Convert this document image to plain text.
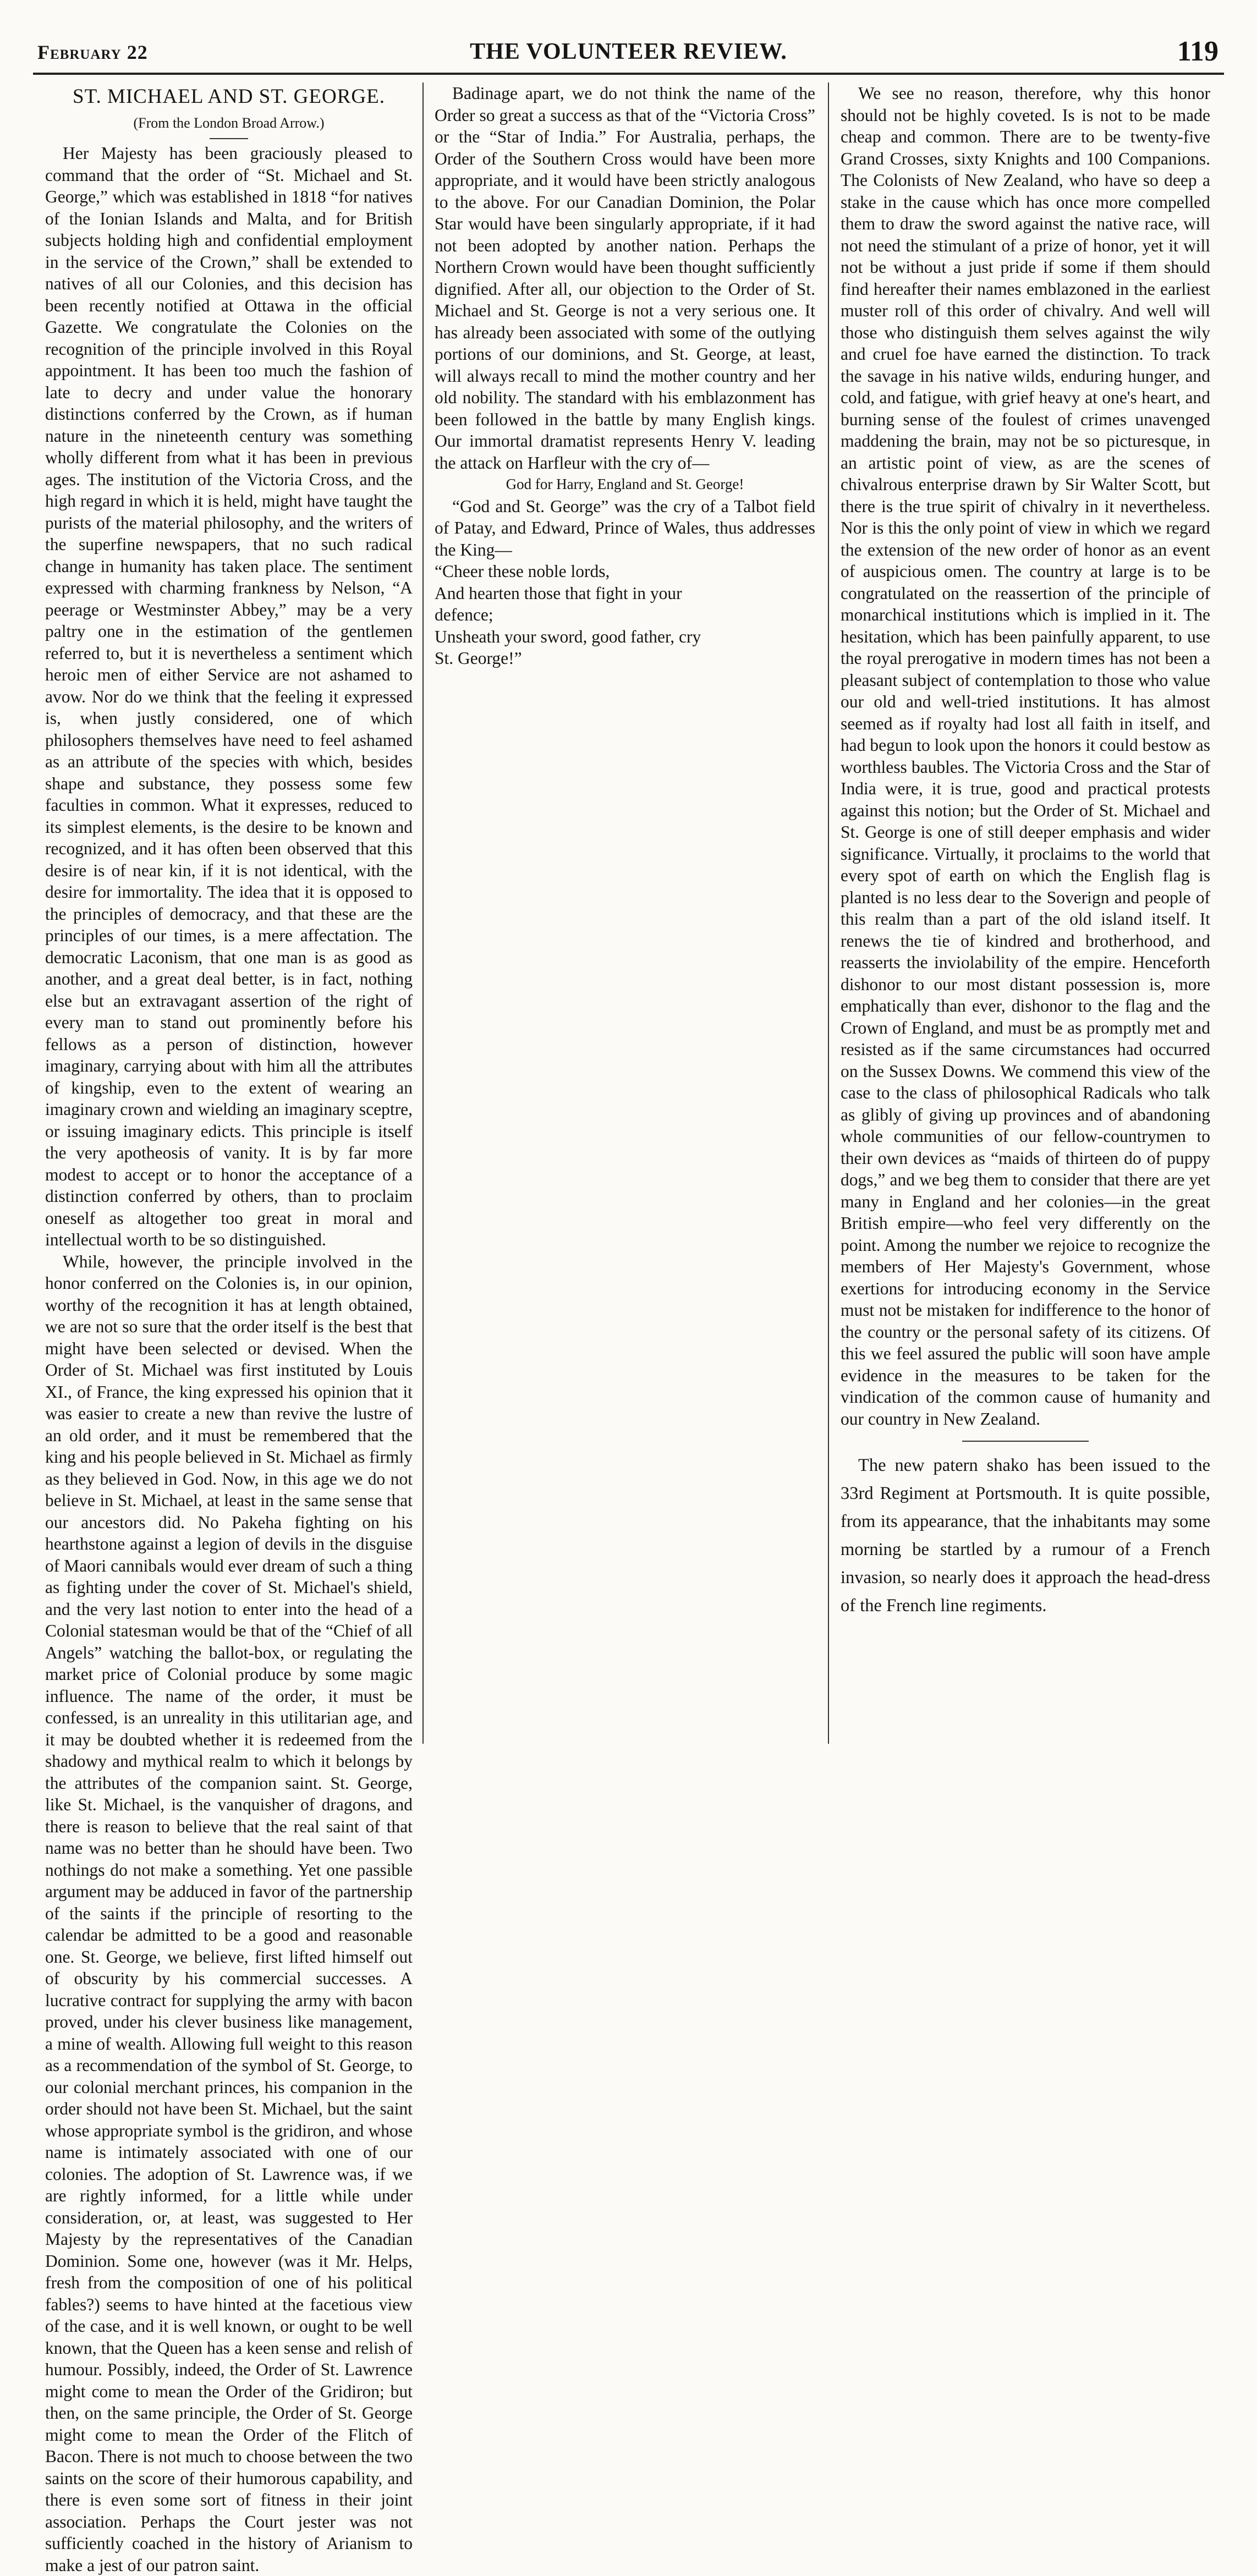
February 22	THE VOLUNTEER REVIEW.	119
ST. MICHAEL AND ST. GEORGE.
(From the London Broad Arrow.)

Her Majesty has been graciously pleased to command that the order of “St. Michael and St. George,” which was established in 1818 “for natives of the Ionian Islands and Malta, and for British subjects holding high and confidential employment in the service of the Crown,” shall be extended to natives of all our Colonies, and this decision has been recently notified at Ottawa in the official Gazette. We congratulate the Colonies on the recognition of the principle involved in this Royal appointment. It has been too much the fashion of late to decry and under value the honorary distinctions conferred by the Crown, as if human nature in the nineteenth century was something wholly different from what it has been in previous ages. The institution of the Victoria Cross, and the high regard in which it is held, might have taught the purists of the material philosophy, and the writers of the superfine newspapers, that no such radical change in humanity has taken place. The sentiment expressed with charming frankness by Nelson, “A peerage or Westminster Abbey,” may be a very paltry one in the estimation of the gentlemen referred to, but it is nevertheless a sentiment which heroic men of either Service are not ashamed to avow. Nor do we think that the feeling it expressed is, when justly considered, one of which philosophers themselves have need to feel ashamed as an attribute of the species with which, besides shape and substance, they possess some few faculties in common. What it expresses, reduced to its simplest elements, is the desire to be known and recognized, and it has often been observed that this desire is of near kin, if it is not identical, with the desire for immortality. The idea that it is opposed to the principles of democracy, and that these are the principles of our times, is a mere affectation. The democratic Laconism, that one man is as good as another, and a great deal better, is in fact, nothing else but an extravagant assertion of the right of every man to stand out prominently before his fellows as a person of distinction, however imaginary, carrying about with him all the attributes of kingship, even to the extent of wearing an imaginary crown and wielding an imaginary sceptre, or issuing imaginary edicts. This principle is itself the very apotheosis of vanity. It is by far more modest to accept or to honor the acceptance of a distinction conferred by others, than to proclaim oneself as altogether too great in moral and intellectual worth to be so distinguished.

While, however, the principle involved in the honor conferred on the Colonies is, in our opinion, worthy of the recognition it has at length obtained, we are not so sure that the order itself is the best that might have been selected or devised. When the Order of St. Michael was first instituted by Louis XI., of France, the king expressed his opinion that it was easier to create a new than revive the lustre of an old order, and it must be remembered that the king and his people believed in St. Michael as firmly as they believed in God. Now, in this age we do not believe in St. Michael, at least in the same sense that our ancestors did. No Pakeha fighting on his hearthstone against a legion of devils in the disguise of Maori cannibals would ever dream of such a thing as fighting under the cover of St. Michael's shield, and the very last notion to enter into the head of a Colonial statesman would be that of the “Chief of all Angels” watching the ballot-box, or regulating the market price of Colonial produce by some magic influence. The name of the order, it must be confessed, is an unreality in this utilitarian age, and it may be doubted whether it is redeemed from the shadowy and mythical realm to which it belongs by the attributes of the companion saint. St. George, like St. Michael, is the vanquisher of dragons, and there is reason to believe that the real saint of that name was no better than he should have been. Two nothings do not make a something. Yet one passible argument may be adduced in favor of the partnership of the saints if the principle of resorting to the calendar be admitted to be a good and reasonable one. St. George, we believe, first lifted himself out of obscurity by his commercial successes. A lucrative contract for supplying the army with bacon proved, under his clever business like management, a mine of wealth. Allowing full weight to this reason as a recommendation of the symbol of St. George, to our colonial merchant princes, his companion in the order should not have been St. Michael, but the saint whose appropriate symbol is the gridiron, and whose name is intimately associated with one of our colonies. The adoption of St. Lawrence was, if we are rightly informed, for a little while under consideration, or, at least, was suggested to Her Majesty by the representatives of the Canadian Dominion. Some one, however (was it Mr. Helps, fresh from the composition of one of his political fables?) seems to have hinted at the facetious view of the case, and it is well known, or ought to be well known, that the Queen has a keen sense and relish of humour. Possibly, indeed, the Order of St. Lawrence might come to mean the Order of the Gridiron; but then, on the same principle, the Order of St. George might come to mean the Order of the Flitch of Bacon. There is not much to choose between the two saints on the score of their humorous capability, and there is even some sort of fitness in their joint association. Perhaps the Court jester was not sufficiently coached in the history of Arianism to make a jest of our patron saint.

Badinage apart, we do not think the name of the Order so great a success as that of the “Victoria Cross” or the “Star of India.” For Australia, perhaps, the Order of the Southern Cross would have been more appropriate, and it would have been strictly analogous to the above. For our Canadian Dominion, the Polar Star would have been singularly appropriate, if it had not been adopted by another nation. Perhaps the Northern Crown would have been thought sufficiently dignified. After all, our objection to the Order of St. Michael and St. George is not a very serious one. It has already been associated with some of the outlying portions of our dominions, and St. George, at least, will always recall to mind the mother country and her old nobility. The standard with his emblazonment has been followed in the battle by many English kings. Our immortal dramatist represents Henry V. leading the attack on Harfleur with the cry of—

God for Harry, England and St. George!

“God and St. George” was the cry of a Talbot field of Patay, and Edward, Prince of Wales, thus addresses the King—

“Cheer these noble lords,

And hearten those that fight in your

defence;

Unsheath your sword, good father, cry

St. George!”

We see no reason, therefore, why this honor should not be highly coveted. Is is not to be made cheap and common. There are to be twenty-five Grand Crosses, sixty Knights and 100 Companions. The Colonists of New Zealand, who have so deep a stake in the cause which has once more compelled them to draw the sword against the native race, will not need the stimulant of a prize of honor, yet it will not be without a just pride if some if them should find hereafter their names emblazoned in the earliest muster roll of this order of chivalry. And well will those who distinguish them selves against the wily and cruel foe have earned the distinction. To track the savage in his native wilds, enduring hunger, and cold, and fatigue, with grief heavy at one's heart, and burning sense of the foulest of crimes unavenged maddening the brain, may not be so picturesque, in an artistic point of view, as are the scenes of chivalrous enterprise drawn by Sir Walter Scott, but there is the true spirit of chivalry in it nevertheless. Nor is this the only point of view in which we regard the extension of the new order of honor as an event of auspicious omen. The country at large is to be congratulated on the reassertion of the principle of monarchical institutions which is implied in it. The hesitation, which has been painfully apparent, to use the royal prerogative in modern times has not been a pleasant subject of contemplation to those who value our old and well-tried institutions. It has almost seemed as if royalty had lost all faith in itself, and had begun to look upon the honors it could bestow as worthless baubles. The Victoria Cross and the Star of India were, it is true, good and practical protests against this notion; but the Order of St. Michael and St. George is one of still deeper emphasis and wider significance. Virtually, it proclaims to the world that every spot of earth on which the English flag is planted is no less dear to the Soverign and people of this realm than a part of the old island itself. It renews the tie of kindred and brotherhood, and reasserts the inviolability of the empire. Henceforth dishonor to our most distant possession is, more emphatically than ever, dishonor to the flag and the Crown of England, and must be as promptly met and resisted as if the same circumstances had occurred on the Sussex Downs. We commend this view of the case to the class of philosophical Radicals who talk as glibly of giving up provinces and of abandoning whole communities of our fellow-countrymen to their own devices as “maids of thirteen do of puppy dogs,” and we beg them to consider that there are yet many in England and her colonies—in the great British empire—who feel very differently on the point. Among the number we rejoice to recognize the members of Her Majesty's Government, whose exertions for introducing economy in the Service must not be mistaken for indifference to the honor of the country or the personal safety of its citizens. Of this we feel assured the public will soon have ample evidence in the measures to be taken for the vindication of the common cause of humanity and our country in New Zealand.

The new patern shako has been issued to the 33rd Regiment at Portsmouth. It is quite possible, from its appearance, that the inhabitants may some morning be startled by a rumour of a French invasion, so nearly does it approach the head-dress of the French line regiments.
